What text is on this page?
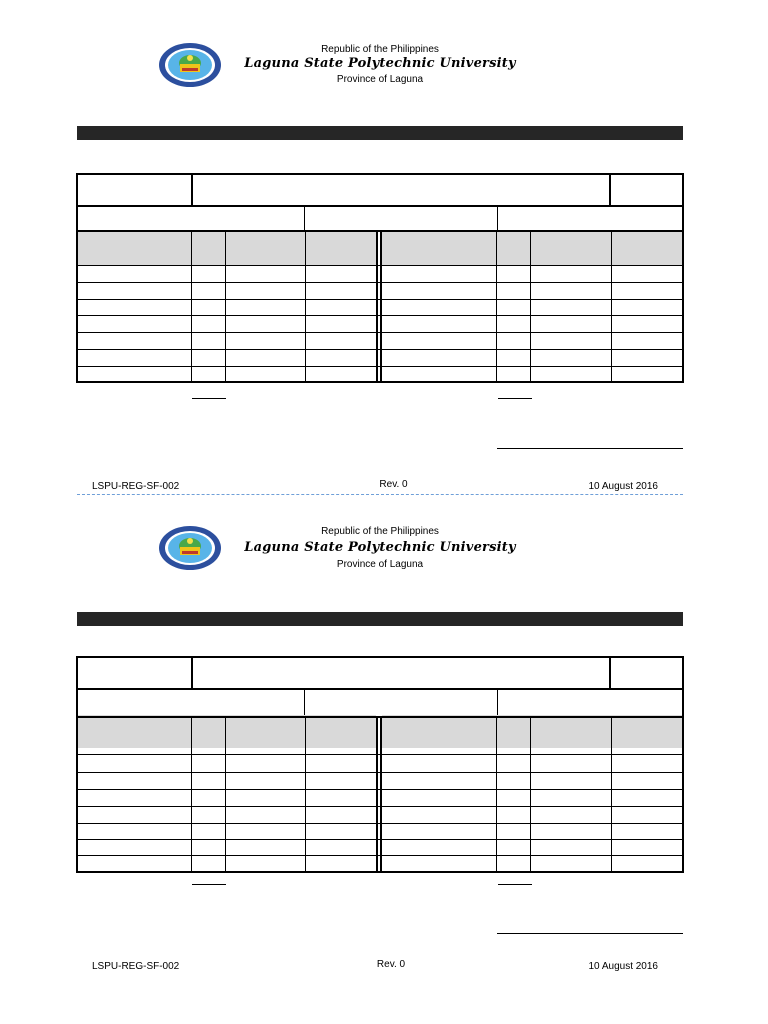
Republic of the Philippines
Laguna State Polytechnic University
Province of Laguna
LSPU-REG-SF-002	Rev. 0	10 August 2016
Republic of the Philippines
Laguna State Polytechnic University
Province of Laguna
LSPU-REG-SF-002	Rev. 0	10 August 2016
